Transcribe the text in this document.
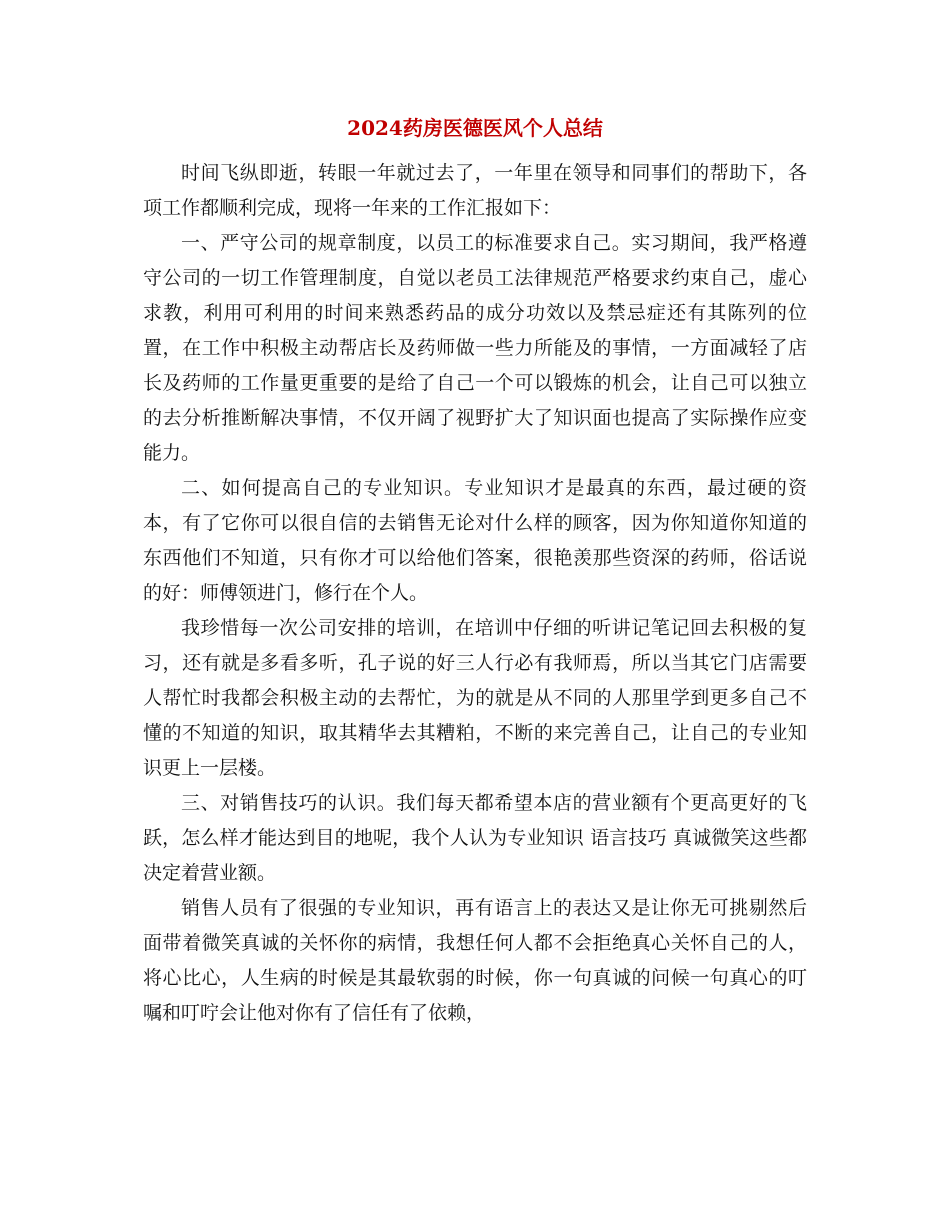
2024药房医德医风个人总结

时间飞纵即逝，转眼一年就过去了，一年里在领导和同事们的帮助下，各项工作都顺利完成，现将一年来的工作汇报如下：

一、严守公司的规章制度，以员工的标准要求自己。实习期间，我严格遵守公司的一切工作管理制度，自觉以老员工法律规范严格要求约束自己，虚心求教，利用可利用的时间来熟悉药品的成分功效以及禁忌症还有其陈列的位置，在工作中积极主动帮店长及药师做一些力所能及的事情，一方面减轻了店长及药师的工作量更重要的是给了自己一个可以锻炼的机会，让自己可以独立的去分析推断解决事情，不仅开阔了视野扩大了知识面也提高了实际操作应变能力。

二、如何提高自己的专业知识。专业知识才是最真的东西，最过硬的资本，有了它你可以很自信的去销售无论对什么样的顾客，因为你知道你知道的东西他们不知道，只有你才可以给他们答案，很艳羡那些资深的药师，俗话说的好：师傅领进门，修行在个人。

我珍惜每一次公司安排的培训，在培训中仔细的听讲记笔记回去积极的复习，还有就是多看多听，孔子说的好三人行必有我师焉，所以当其它门店需要人帮忙时我都会积极主动的去帮忙，为的就是从不同的人那里学到更多自己不懂的不知道的知识，取其精华去其糟粕，不断的来完善自己，让自己的专业知识更上一层楼。

三、对销售技巧的认识。我们每天都希望本店的营业额有个更高更好的飞跃，怎么样才能达到目的地呢，我个人认为专业知识 语言技巧 真诚微笑这些都决定着营业额。

销售人员有了很强的专业知识，再有语言上的表达又是让你无可挑剔然后面带着微笑真诚的关怀你的病情，我想任何人都不会拒绝真心关怀自己的人，将心比心，人生病的时候是其最软弱的时候，你一句真诚的问候一句真心的叮嘱和叮咛会让他对你有了信任有了依赖，
